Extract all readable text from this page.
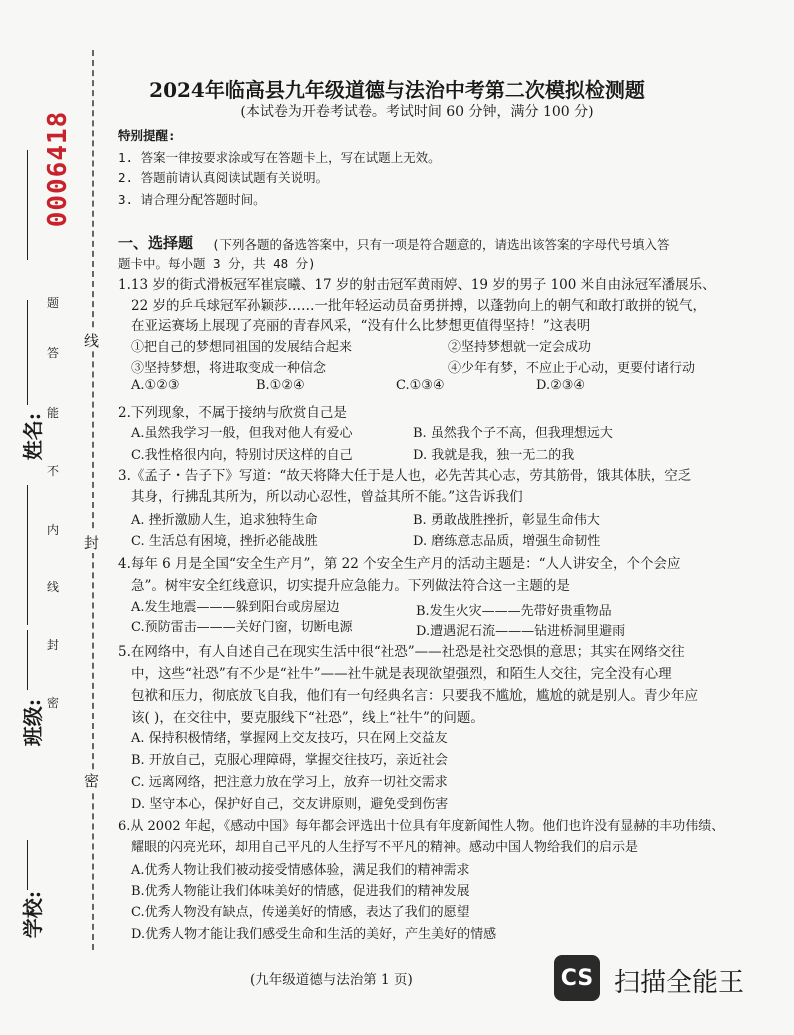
0006418
学校:
班级:
姓名:
题
答
能
不
内
线
封
密
线
封
密
2024年临高县九年级道德与法治中考第二次模拟检测题
(本试卷为开卷考试卷。考试时间 60 分钟，满分 100 分)
特别提醒:
1. 答案一律按要求涂或写在答题卡上，写在试题上无效。
2. 答题前请认真阅读试题有关说明。
3. 请合理分配答题时间。
一、选择题 (下列各题的备选答案中，只有一项是符合题意的，请选出该答案的字母代号填入答
题卡中。每小题 3 分，共 48 分)
1.13 岁的街式滑板冠军崔宸曦、17 岁的射击冠军黄雨婷、19 岁的男子 100 米自由泳冠军潘展乐、
22 岁的乒乓球冠军孙颖莎……一批年轻运动员奋勇拼搏，以蓬勃向上的朝气和敢打敢拼的锐气，
在亚运赛场上展现了亮丽的青春风采，“没有什么比梦想更值得坚持！”这表明
①把自己的梦想同祖国的发展结合起来	②坚持梦想就一定会成功
③坚持梦想，将进取变成一种信念	④少年有梦，不应止于心动，更要付诸行动
A.①②③	B.①②④	C.①③④	D.②③④
2.下列现象，不属于接纳与欣赏自己是
A.虽然我学习一般，但我对他人有爱心	B. 虽然我个子不高，但我理想远大
C.我性格很内向，特别讨厌这样的自己	D. 我就是我，独一无二的我
3.《孟子・告子下》写道：“故天将降大任于是人也，必先苦其心志，劳其筋骨，饿其体肤，空乏
其身，行拂乱其所为，所以动心忍性，曾益其所不能。”这告诉我们
A. 挫折激励人生，追求独特生命	B. 勇敢战胜挫折，彰显生命伟大
C. 生活总有困境，挫折必能战胜	D. 磨练意志品质，增强生命韧性
4.每年 6 月是全国“安全生产月”，第 22 个安全生产月的活动主题是：“人人讲安全，个个会应
急”。树牢安全红线意识，切实提升应急能力。下列做法符合这一主题的是
A.发生地震———躲到阳台或房屋边	B.发生火灾———先带好贵重物品
C.预防雷击———关好门窗，切断电源	D.遭遇泥石流———钻进桥洞里避雨
5.在网络中，有人自述自己在现实生活中很“社恐”——社恐是社交恐惧的意思；其实在网络交往
中，这些“社恐”有不少是“社牛”——社牛就是表现欲望强烈，和陌生人交往，完全没有心理
包袱和压力，彻底放飞自我，他们有一句经典名言：只要我不尴尬，尴尬的就是别人。青少年应
该( )，在交往中，要克服线下“社恐”，线上“社牛”的问题。
A. 保持积极情绪，掌握网上交友技巧，只在网上交益友
B. 开放自己，克服心理障碍，掌握交往技巧，亲近社会
C. 远离网络，把注意力放在学习上，放弃一切社交需求
D. 坚守本心，保护好自己，交友讲原则，避免受到伤害
6.从 2002 年起，《感动中国》每年都会评选出十位具有年度新闻性人物。他们也许没有显赫的丰功伟绩、
耀眼的闪亮光环，却用自己平凡的人生抒写不平凡的精神。感动中国人物给我们的启示是
A.优秀人物让我们被动接受情感体验，满足我们的精神需求
B.优秀人物能让我们体味美好的情感，促进我们的精神发展
C.优秀人物没有缺点，传递美好的情感，表达了我们的愿望
D.优秀人物才能让我们感受生命和生活的美好，产生美好的情感
(九年级道德与法治第 1 页)	CS 扫描全能王
